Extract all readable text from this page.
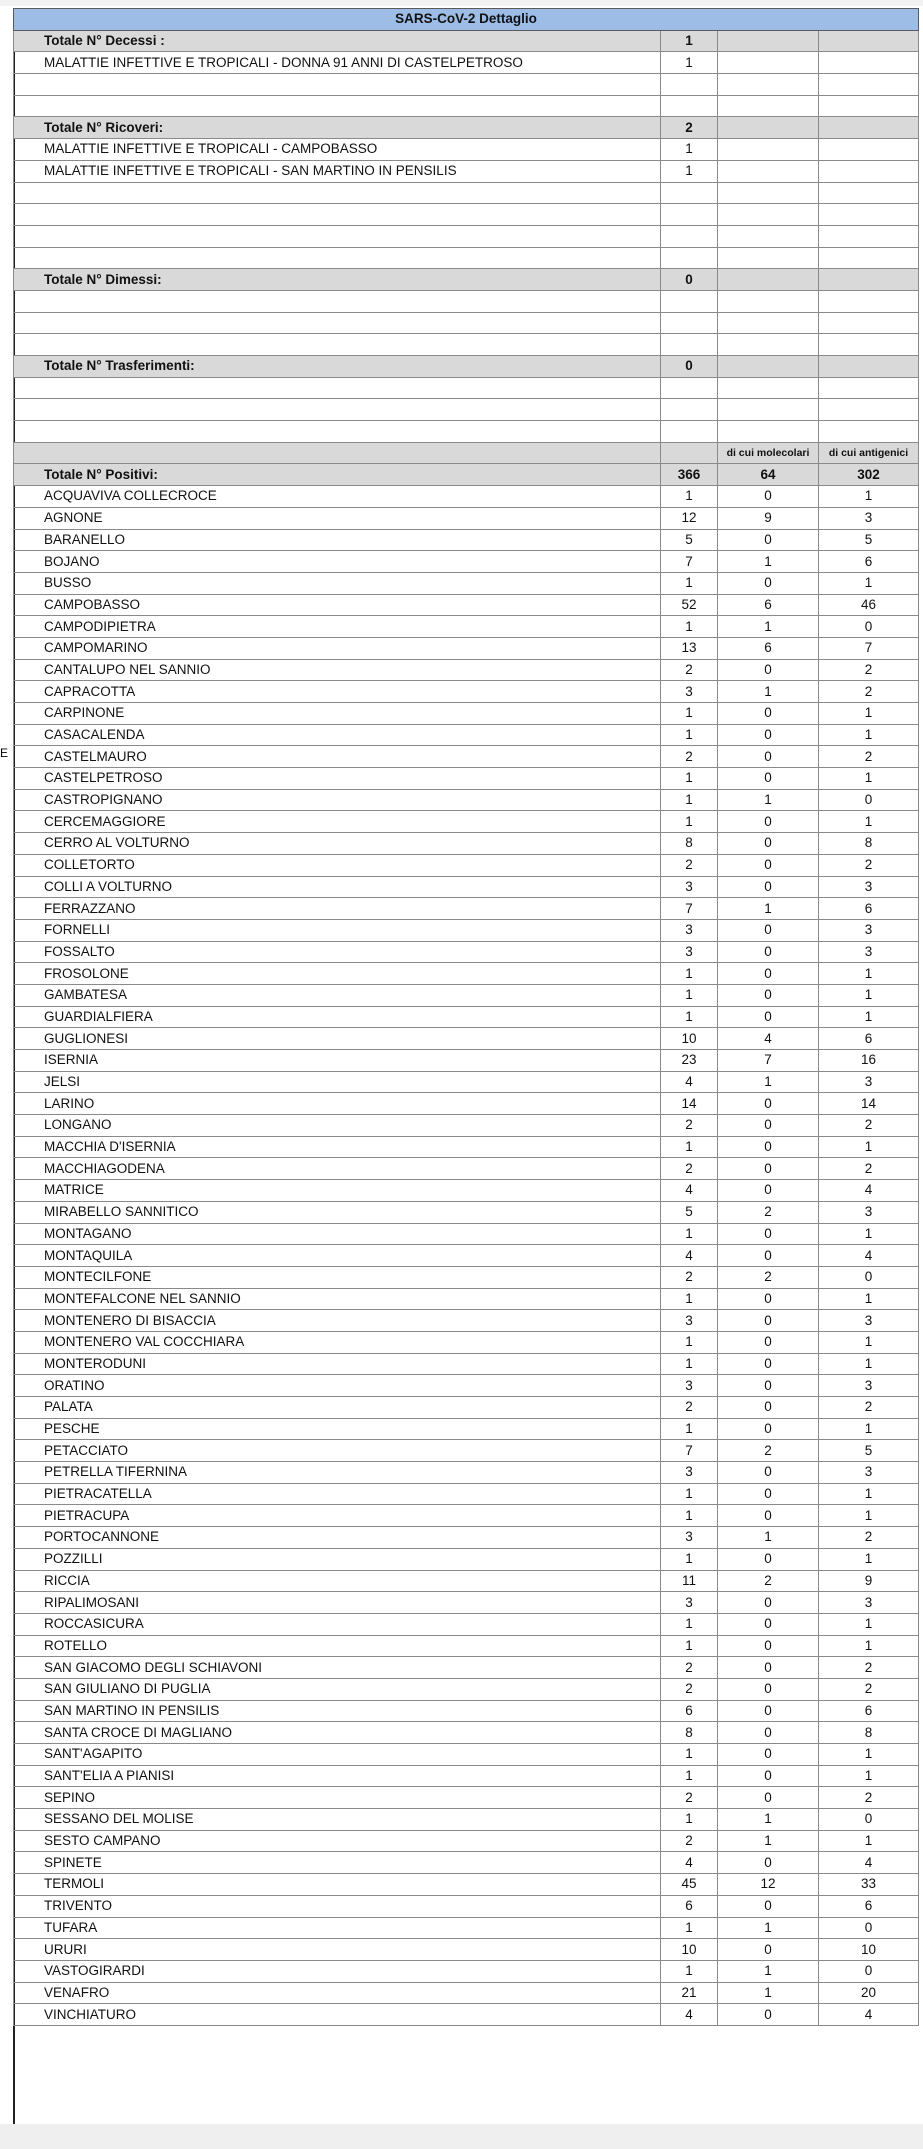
SARS-CoV-2 Dettaglio			
Totale N° Decessi :	1		
MALATTIE INFETTIVE E TROPICALI - DONNA 91 ANNI DI CASTELPETROSO	1		

Totale N° Ricoveri:	2		
MALATTIE INFETTIVE E TROPICALI - CAMPOBASSO	1		
MALATTIE INFETTIVE E TROPICALI - SAN MARTINO IN PENSILIS	1		

Totale N° Dimessi:	0		

Totale N° Trasferimenti:	0		

		di cui molecolari	di cui antigenici
Totale N° Positivi:	366	64	302
ACQUAVIVA COLLECROCE	1	0	1
AGNONE	12	9	3
BARANELLO	5	0	5
BOJANO	7	1	6
BUSSO	1	0	1
CAMPOBASSO	52	6	46
CAMPODIPIETRA	1	1	0
CAMPOMARINO	13	6	7
CANTALUPO NEL SANNIO	2	0	2
CAPRACOTTA	3	1	2
CARPINONE	1	0	1
CASACALENDA	1	0	1
CASTELMAURO	2	0	2
CASTELPETROSO	1	0	1
CASTROPIGNANO	1	1	0
CERCEMAGGIORE	1	0	1
CERRO AL VOLTURNO	8	0	8
COLLETORTO	2	0	2
COLLI A VOLTURNO	3	0	3
FERRAZZANO	7	1	6
FORNELLI	3	0	3
FOSSALTO	3	0	3
FROSOLONE	1	0	1
GAMBATESA	1	0	1
GUARDIALFIERA	1	0	1
GUGLIONESI	10	4	6
ISERNIA	23	7	16
JELSI	4	1	3
LARINO	14	0	14
LONGANO	2	0	2
MACCHIA D'ISERNIA	1	0	1
MACCHIAGODENA	2	0	2
MATRICE	4	0	4
MIRABELLO SANNITICO	5	2	3
MONTAGANO	1	0	1
MONTAQUILA	4	0	4
MONTECILFONE	2	2	0
MONTEFALCONE NEL SANNIO	1	0	1
MONTENERO DI BISACCIA	3	0	3
MONTENERO VAL COCCHIARA	1	0	1
MONTERODUNI	1	0	1
ORATINO	3	0	3
PALATA	2	0	2
PESCHE	1	0	1
PETACCIATO	7	2	5
PETRELLA TIFERNINA	3	0	3
PIETRACATELLA	1	0	1
PIETRACUPA	1	0	1
PORTOCANNONE	3	1	2
POZZILLI	1	0	1
RICCIA	11	2	9
RIPALIMOSANI	3	0	3
ROCCASICURA	1	0	1
ROTELLO	1	0	1
SAN GIACOMO DEGLI SCHIAVONI	2	0	2
SAN GIULIANO DI PUGLIA	2	0	2
SAN MARTINO IN PENSILIS	6	0	6
SANTA CROCE DI MAGLIANO	8	0	8
SANT'AGAPITO	1	0	1
SANT'ELIA A PIANISI	1	0	1
SEPINO	2	0	2
SESSANO DEL MOLISE	1	1	0
SESTO CAMPANO	2	1	1
SPINETE	4	0	4
TERMOLI	45	12	33
TRIVENTO	6	0	6
TUFARA	1	1	0
URURI	10	0	10
VASTOGIRARDI	1	1	0
VENAFRO	21	1	20
VINCHIATURO	4	0	4
E
